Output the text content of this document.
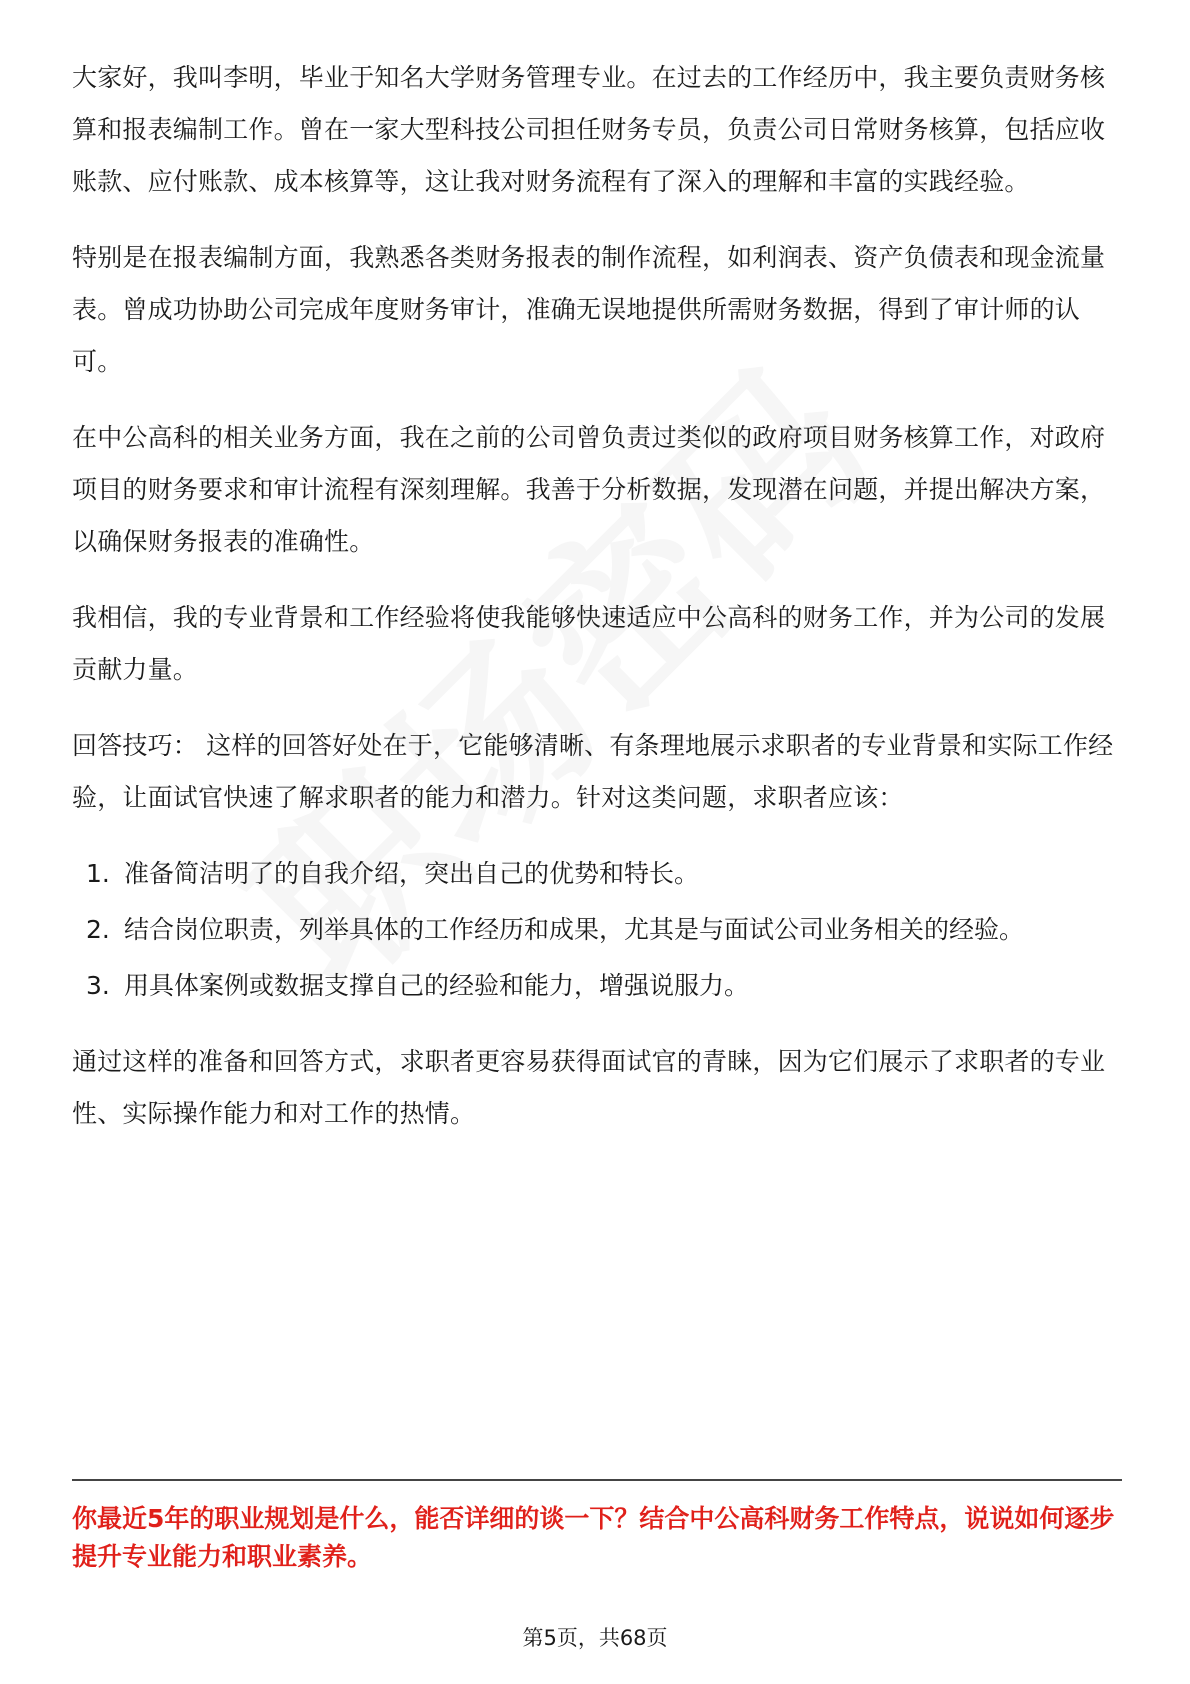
大家好，我叫李明，毕业于知名大学财务管理专业。在过去的工作经历中，我主要负责财务核算和报表编制工作。曾在一家大型科技公司担任财务专员，负责公司日常财务核算，包括应收账款、应付账款、成本核算等，这让我对财务流程有了深入的理解和丰富的实践经验。

特别是在报表编制方面，我熟悉各类财务报表的制作流程，如利润表、资产负债表和现金流量表。曾成功协助公司完成年度财务审计，准确无误地提供所需财务数据，得到了审计师的认可。

在中公高科的相关业务方面，我在之前的公司曾负责过类似的政府项目财务核算工作，对政府项目的财务要求和审计流程有深刻理解。我善于分析数据，发现潜在问题，并提出解决方案，以确保财务报表的准确性。

我相信，我的专业背景和工作经验将使我能够快速适应中公高科的财务工作，并为公司的发展贡献力量。

回答技巧： 这样的回答好处在于，它能够清晰、有条理地展示求职者的专业背景和实际工作经验，让面试官快速了解求职者的能力和潜力。针对这类问题，求职者应该：

1. 准备简洁明了的自我介绍，突出自己的优势和特长。
2. 结合岗位职责，列举具体的工作经历和成果，尤其是与面试公司业务相关的经验。
3. 用具体案例或数据支撑自己的经验和能力，增强说服力。

通过这样的准备和回答方式，求职者更容易获得面试官的青睐，因为它们展示了求职者的专业性、实际操作能力和对工作的热情。

你最近5年的职业规划是什么，能否详细的谈一下？结合中公高科财务工作特点，说说如何逐步提升专业能力和职业素养。

第5页，共68页
